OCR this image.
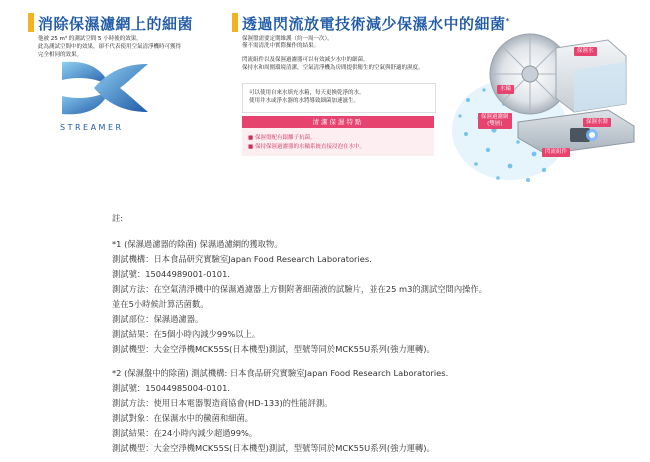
消除保濕濾網上的細菌
他被 25 m³ 的測試空間 5 小時後的效果。
此為測試空間中的效果，卻不代表使用空氣清淨機時可獲得
完全相同的效果。
STREAMER
透過閃流放電技術減少保濕水中的細菌*
保濕盤需要定期維護（約一周一次）。
僅不需清洗中實際操作的結果。
閃流組件以及保濕過濾器可以有效減少水中的細菌。
保持水和周圍環境清潔，空氣清淨機為房間提供衛生的空氣與舒適的濕度。
可以使用自來水填充水箱，每天更換乾淨的水。
使用井水或淨水器的水將導致細菌加速滋生。
清潔保濕特點
■ 保濕盤配有銀離子抗菌。
■ 保持保濕過濾器的水輪系統直接浸泡在水中。
保濕水
水輪
保濕過濾網
(雙層)	保濕水盤
閃流組件
註:
*1 (保濕過濾器的除菌) 保濕過濾網的獲取物。
測試機構：日本食品研究實驗室Japan Food Research Laboratories.
測試號：15044989001-0101.
測試方法：在空氣清淨機中的保濕過濾器上方側附著細菌液的試驗片，並在25 m3的測試空間內操作。
並在5小時候計算活菌數。
測試部位：保濕過濾器。
測試結果：在5個小時內減少99%以上。
測試機型：大金空淨機MCK55S(日本機型)測試，型號等同於MCK55U系列(強力運轉)。
*2 (保濕盤中的除菌) 測試機構: 日本食品研究實驗室Japan Food Research Laboratories.
測試號：15044985004-0101.
測試方法：使用日本電器製造商協會(HD-133)的性能評測。
測試對象：在保濕水中的黴菌和細菌。
測試結果：在24小時內減少超過99%。
測試機型：大金空淨機MCK55S(日本機型)測試，型號等同於MCK55U系列(強力運轉)。
